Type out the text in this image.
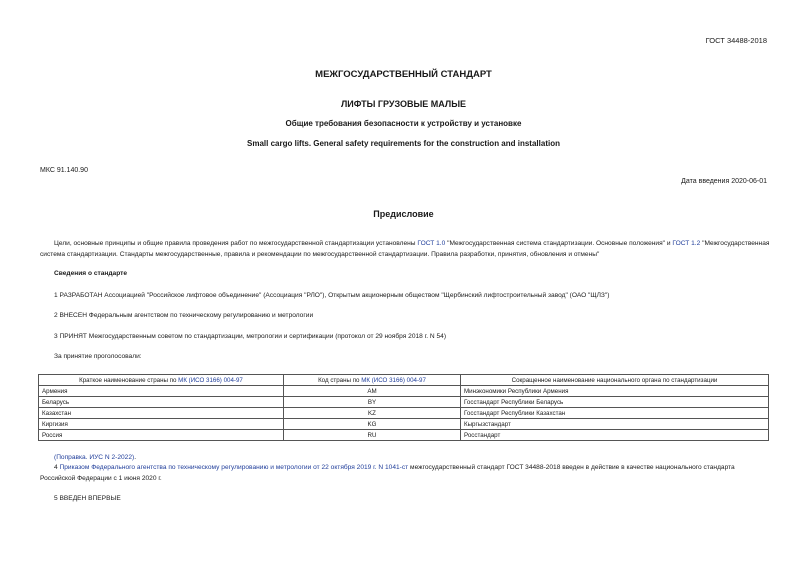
ГОСТ 34488-2018
МЕЖГОСУДАРСТВЕННЫЙ СТАНДАРТ
ЛИФТЫ ГРУЗОВЫЕ МАЛЫЕ
Общие требования безопасности к устройству и установке
Small cargo lifts. General safety requirements for the construction and installation
МКС 91.140.90
Дата введения 2020-06-01
Предисловие
Цели, основные принципы и общие правила проведения работ по межгосударственной стандартизации установлены ГОСТ 1.0 "Межгосударственная система стандартизации. Основные положения" и ГОСТ 1.2 "Межгосударственная система стандартизации. Стандарты межгосударственные, правила и рекомендации по межгосударственной стандартизации. Правила разработки, принятия, обновления и отмены"
Сведения о стандарте
1 РАЗРАБОТАН Ассоциацией "Российское лифтовое объединение" (Ассоциация "РЛО"), Открытым акционерным обществом "Щербинский лифтостроительный завод" (ОАО "ЩЛЗ")
2 ВНЕСЕН Федеральным агентством по техническому регулированию и метрологии
3 ПРИНЯТ Межгосударственным советом по стандартизации, метрологии и сертификации (протокол от 29 ноября 2018 г. N 54)
За принятие проголосовали:
Краткое наименование страны по МК (ИСО 3166) 004-97	Код страны по МК (ИСО 3166) 004-97	Сокращенное наименование национального органа по стандартизации
Армения	AM	Минэкономики Республики Армения
Беларусь	BY	Госстандарт Республики Беларусь
Казахстан	KZ	Госстандарт Республики Казахстан
Киргизия	KG	Кыргызстандарт
Россия	RU	Росстандарт
(Поправка. ИУС N 2-2022).
4 Приказом Федерального агентства по техническому регулированию и метрологии от 22 октября 2019 г. N 1041-ст межгосударственный стандарт ГОСТ 34488-2018 введен в действие в качестве национального стандарта Российской Федерации с 1 июня 2020 г.
5 ВВЕДЕН ВПЕРВЫЕ
